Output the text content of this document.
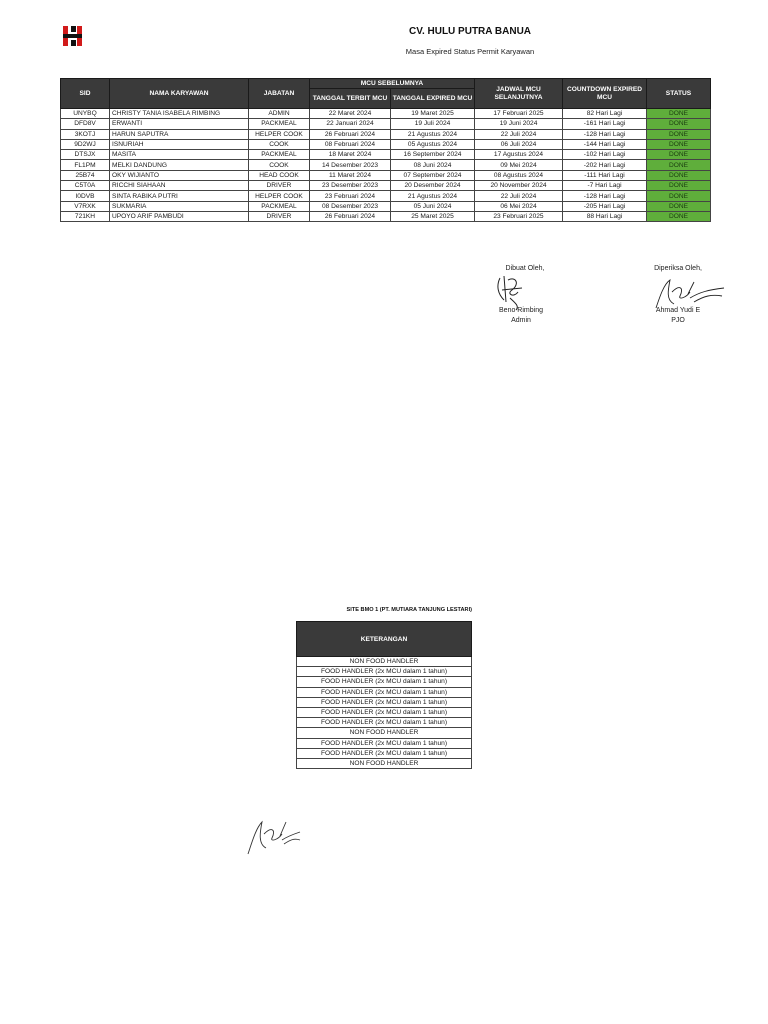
CV. HULU PUTRA BANUA
Masa Expired Status Permit Karyawan
SID	NAMA KARYAWAN	JABATAN	MCU SEBELUMNYA		JADWAL MCU SELANJUTNYA	COUNTDOWN EXPIRED MCU	STATUS
			TANGGAL TERBIT MCU	TANGGAL EXPIRED MCU			
UNYBQ	CHRISTY TANIA ISABELA RIMBING	ADMIN	22 Maret 2024	19 Maret 2025	17 Februari 2025	82 Hari Lagi	DONE
DFD8V	ERWANTI	PACKMEAL	22 Januari 2024	19 Juli 2024	19 Juni 2024	-161 Hari Lagi	DONE
3KOTJ	HARUN SAPUTRA	HELPER COOK	26 Februari 2024	21 Agustus 2024	22 Juli 2024	-128 Hari Lagi	DONE
9D2WJ	ISNURIAH	COOK	08 Februari 2024	05 Agustus 2024	06 Juli 2024	-144 Hari Lagi	DONE
DTSJX	MASITA	PACKMEAL	18 Maret 2024	16 September 2024	17 Agustus 2024	-102 Hari Lagi	DONE
FL1PM	MELKI DANDUNG	COOK	14 Desember 2023	08 Juni 2024	09 Mei 2024	-202 Hari Lagi	DONE
25B74	OKY WIJIANTO	HEAD COOK	11 Maret 2024	07 September 2024	08 Agustus 2024	-111 Hari Lagi	DONE
C5T0A	RICCHI SIAHAAN	DRIVER	23 Desember 2023	20 Desember 2024	20 November 2024	-7 Hari Lagi	DONE
I0DVB	SINTA RABIKA PUTRI	HELPER COOK	23 Februari 2024	21 Agustus 2024	22 Juli 2024	-128 Hari Lagi	DONE
V7RXK	SUKMARIA	PACKMEAL	08 Desember 2023	05 Juni 2024	06 Mei 2024	-205 Hari Lagi	DONE
721KH	UPOYO ARIF PAMBUDI	DRIVER	26 Februari 2024	25 Maret 2025	23 Februari 2025	88 Hari Lagi	DONE
Dibuat Oleh,
Beno Rimbing
Admin
Diperiksa Oleh,
Ahmad Yudi E
PJO
SITE BMO 1 (PT. MUTIARA TANJUNG LESTARI)
KETERANGAN
NON FOOD HANDLER
FOOD HANDLER (2x MCU dalam 1 tahun)
FOOD HANDLER (2x MCU dalam 1 tahun)
FOOD HANDLER (2x MCU dalam 1 tahun)
FOOD HANDLER (2x MCU dalam 1 tahun)
FOOD HANDLER (2x MCU dalam 1 tahun)
FOOD HANDLER (2x MCU dalam 1 tahun)
NON FOOD HANDLER
FOOD HANDLER (2x MCU dalam 1 tahun)
FOOD HANDLER (2x MCU dalam 1 tahun)
NON FOOD HANDLER
